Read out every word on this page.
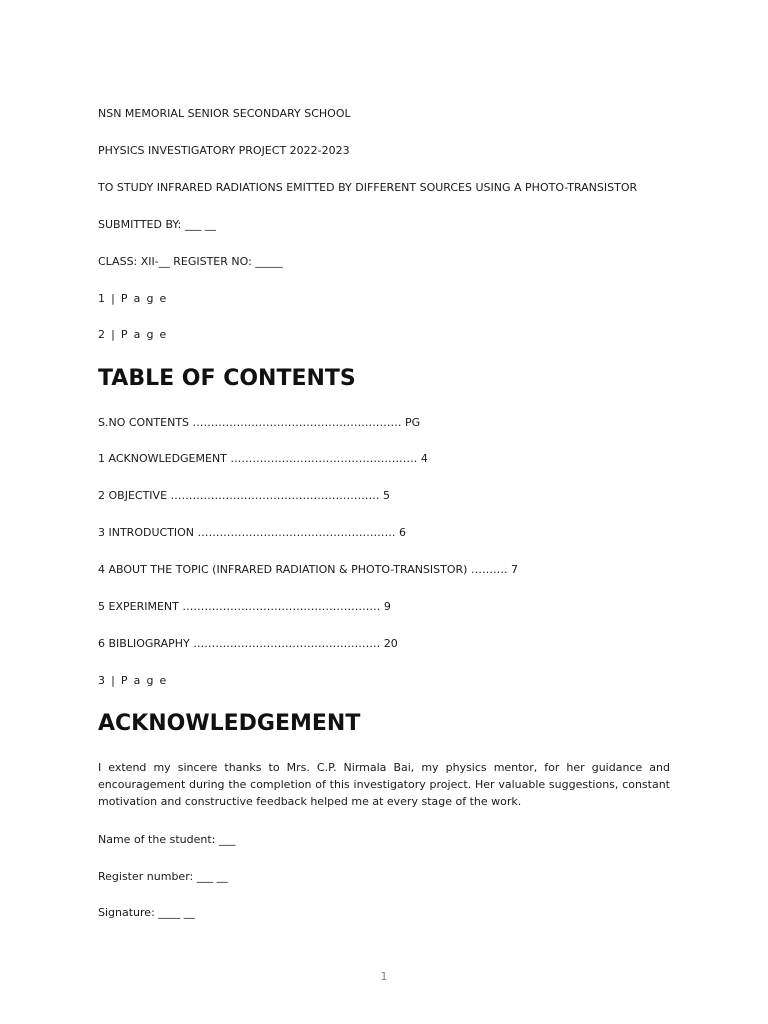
NSN MEMORIAL SENIOR SECONDARY SCHOOL
PHYSICS INVESTIGATORY PROJECT 2022-2023
TO STUDY INFRARED RADIATIONS EMITTED BY DIFFERENT SOURCES USING A PHOTO-TRANSISTOR
SUBMITTED BY: ___ __
CLASS: XII-__ REGISTER NO: _____
1 | P a g e
2 | P a g e
TABLE OF CONTENTS
S.NO CONTENTS ………………………………………………… PG
1 ACKNOWLEDGEMENT …………………………………………… 4
2 OBJECTIVE ………………………………………………… 5
3 INTRODUCTION ……………………………………………… 6
4 ABOUT THE TOPIC (INFRARED RADIATION & PHOTO-TRANSISTOR) ………. 7
5 EXPERIMENT ……………………………………………… 9
6 BIBLIOGRAPHY …………………………………………… 20
3 | P a g e
ACKNOWLEDGEMENT
I extend my sincere thanks to Mrs. C.P. Nirmala Bai, my physics mentor, for her guidance and encouragement during the completion of this investigatory project. Her valuable suggestions, constant motivation and constructive feedback helped me at every stage of the work.
Name of the student: ___
Register number: ___ __
Signature: ____ __
1
